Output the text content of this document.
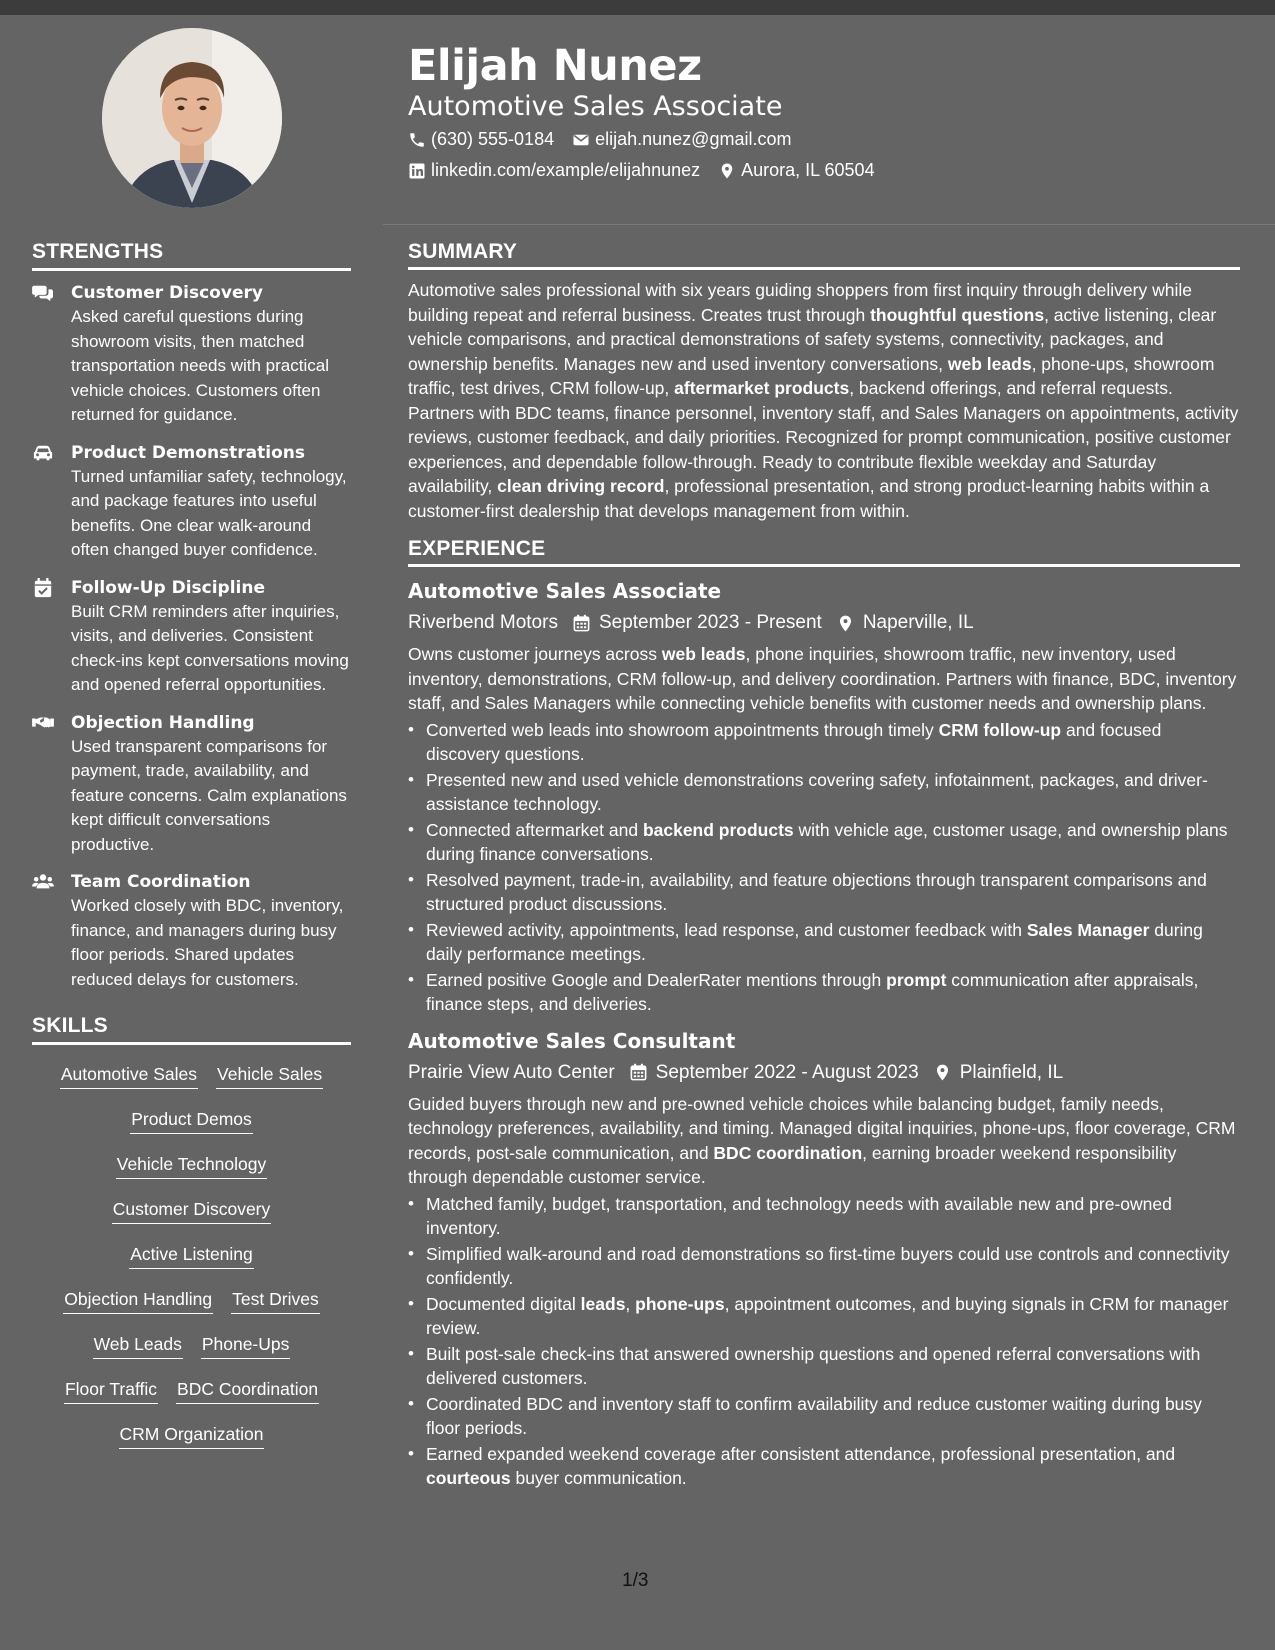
Elijah Nunez
Automotive Sales Associate
(630) 555-0184 elijah.nunez@gmail.com
linkedin.com/example/elijahnunez Aurora, IL 60504
STRENGTHS
Customer Discovery
Asked careful questions during showroom visits, then matched transportation needs with practical vehicle choices. Customers often returned for guidance.
Product Demonstrations
Turned unfamiliar safety, technology, and package features into useful benefits. One clear walk-around often changed buyer confidence.
Follow-Up Discipline
Built CRM reminders after inquiries, visits, and deliveries. Consistent check-ins kept conversations moving and opened referral opportunities.
Objection Handling
Used transparent comparisons for payment, trade, availability, and feature concerns. Calm explanations kept difficult conversations productive.
Team Coordination
Worked closely with BDC, inventory, finance, and managers during busy floor periods. Shared updates reduced delays for customers.
SKILLS
Automotive Sales Vehicle Sales
Product Demos
Vehicle Technology
Customer Discovery
Active Listening
Objection Handling Test Drives
Web Leads Phone-Ups
Floor Traffic BDC Coordination
CRM Organization
SUMMARY
Automotive sales professional with six years guiding shoppers from first inquiry through delivery while building repeat and referral business. Creates trust through thoughtful questions, active listening, clear vehicle comparisons, and practical demonstrations of safety systems, connectivity, packages, and ownership benefits. Manages new and used inventory conversations, web leads, phone-ups, showroom traffic, test drives, CRM follow-up, aftermarket products, backend offerings, and referral requests. Partners with BDC teams, finance personnel, inventory staff, and Sales Managers on appointments, activity reviews, customer feedback, and daily priorities. Recognized for prompt communication, positive customer experiences, and dependable follow-through. Ready to contribute flexible weekday and Saturday availability, clean driving record, professional presentation, and strong product-learning habits within a customer-first dealership that develops management from within.
EXPERIENCE
Automotive Sales Associate
Riverbend Motors September 2023 - Present Naperville, IL
Owns customer journeys across web leads, phone inquiries, showroom traffic, new inventory, used inventory, demonstrations, CRM follow-up, and delivery coordination. Partners with finance, BDC, inventory staff, and Sales Managers while connecting vehicle benefits with customer needs and ownership plans.
• Converted web leads into showroom appointments through timely CRM follow-up and focused discovery questions.
• Presented new and used vehicle demonstrations covering safety, infotainment, packages, and driver-assistance technology.
• Connected aftermarket and backend products with vehicle age, customer usage, and ownership plans during finance conversations.
• Resolved payment, trade-in, availability, and feature objections through transparent comparisons and structured product discussions.
• Reviewed activity, appointments, lead response, and customer feedback with Sales Manager during daily performance meetings.
• Earned positive Google and DealerRater mentions through prompt communication after appraisals, finance steps, and deliveries.
Automotive Sales Consultant
Prairie View Auto Center September 2022 - August 2023 Plainfield, IL
Guided buyers through new and pre-owned vehicle choices while balancing budget, family needs, technology preferences, availability, and timing. Managed digital inquiries, phone-ups, floor coverage, CRM records, post-sale communication, and BDC coordination, earning broader weekend responsibility through dependable customer service.
• Matched family, budget, transportation, and technology needs with available new and pre-owned inventory.
• Simplified walk-around and road demonstrations so first-time buyers could use controls and connectivity confidently.
• Documented digital leads, phone-ups, appointment outcomes, and buying signals in CRM for manager review.
• Built post-sale check-ins that answered ownership questions and opened referral conversations with delivered customers.
• Coordinated BDC and inventory staff to confirm availability and reduce customer waiting during busy floor periods.
• Earned expanded weekend coverage after consistent attendance, professional presentation, and courteous buyer communication.
1/3
